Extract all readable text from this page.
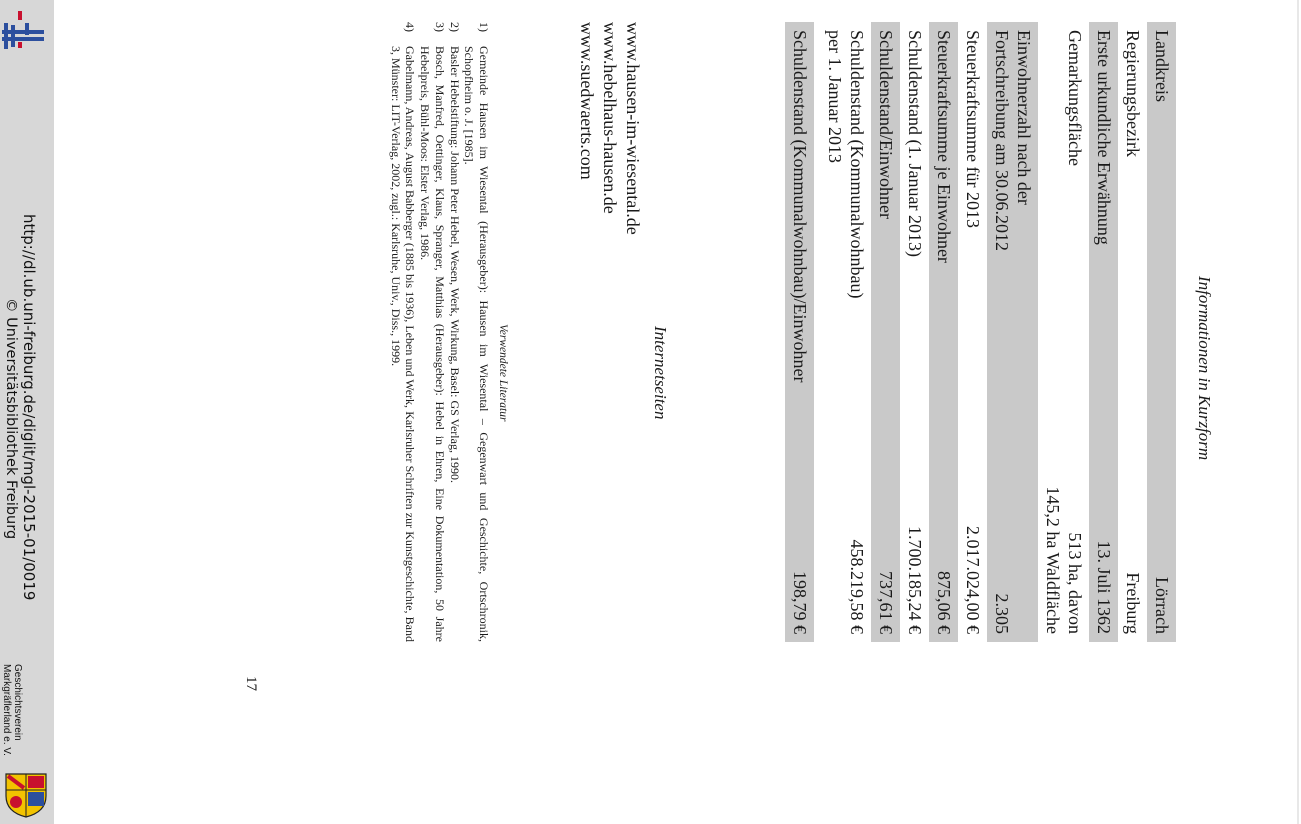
http://dl.ub.uni-freiburg.de/diglit/mgl-2015-01/0019
© Universitätsbibliothek Freiburg
Geschichtsverein
Markgräflerland e. V.
Informationen in Kurzform
Landkreis
Lörrach
Regierungsbezirk
Freiburg
Erste urkundliche Erwähnung
13. Juli 1362
Gemarkungsfläche
513 ha, davon
145,2 ha Waldfläche
Einwohnerzahl nach der
Fortschreibung am 30.06.2012
2.305
Steuerkraftsumme für 2013
2.017.024,00 €
Steuerkraftsumme je Einwohner
875,06 €
Schuldenstand (1. Januar 2013)
1.700.185,24 €
Schuldenstand/Einwohner
737,61 €
Schuldenstand (Kommunalwohnbau)
per 1. Januar 2013
458.219,58 €
Schuldenstand (Kommunalwohnbau)/Einwohner
198,79 €
Internetseiten
www.hausen-im-wiesental.de
www.hebelhaus-hausen.de
www.suedwaerts.com
Verwendete Literatur
1)
Gemeinde Hausen im Wiesental (Herausgeber): Hausen im Wiesental – Gegenwart und Geschichte, Ortschronik, Schopfheim o. J. [1985].
2)
Basler Hebelstiftung: Johann Peter Hebel, Wesen, Werk, Wirkung, Basel: GS Verlag, 1990.
3)
Bosch, Manfred, Oettinger, Klaus, Spranger, Matthias (Herausgeber): Hebel in Ehren, Eine Dokumentation, 50 Jahre Hebelpreis, Bühl-Moos: Elster Verlag, 1986.
4)
Gabelmann, Andreas, August Babberger (1885 bis 1936), Leben und Werk, Karlsruher Schriften zur Kunstgeschichte, Band 3, Münster: LIT-Verlag, 2002, zugl.: Karlsruhe, Univ., Diss., 1999.
17
